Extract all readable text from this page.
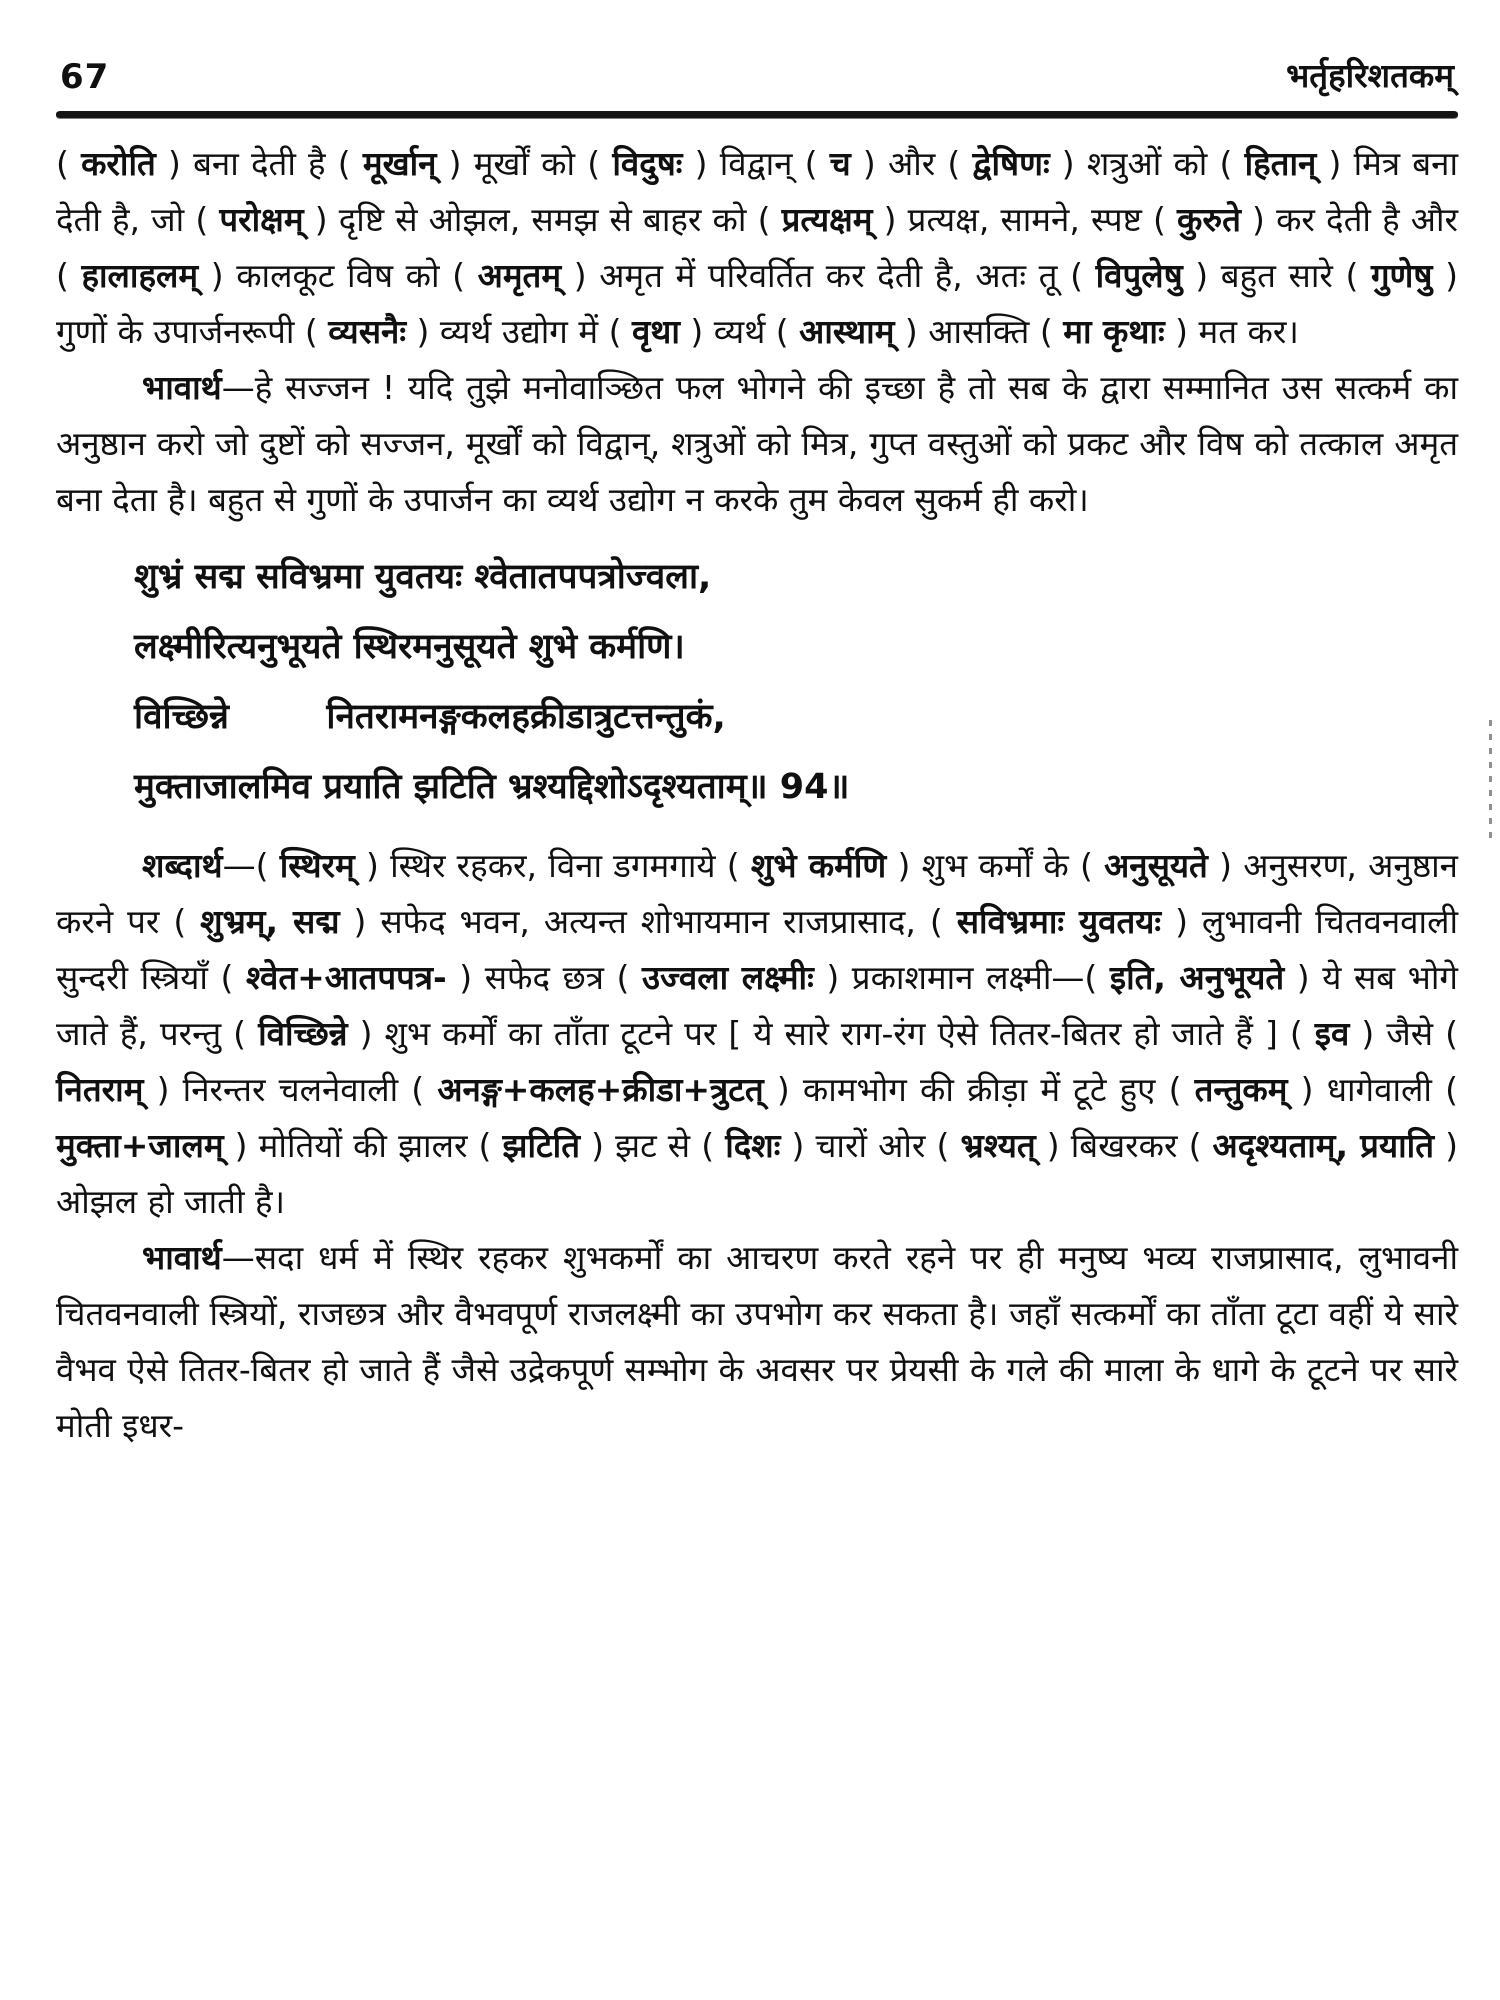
67	भर्तृहरिशतकम्

( करोति ) बना देती है ( मूर्खान् ) मूर्खों को ( विदुषः ) विद्वान् ( च ) और ( द्वेषिणः ) शत्रुओं को ( हितान् ) मित्र बना देती है, जो ( परोक्षम् ) दृष्टि से ओझल, समझ से बाहर को ( प्रत्यक्षम् ) प्रत्यक्ष, सामने, स्पष्ट ( कुरुते ) कर देती है और ( हालाहलम् ) कालकूट विष को ( अमृतम् ) अमृत में परिवर्तित कर देती है, अतः तू ( विपुलेषु ) बहुत सारे ( गुणेषु ) गुणों के उपार्जनरूपी ( व्यसनैः ) व्यर्थ उद्योग में ( वृथा ) व्यर्थ ( आस्थाम् ) आसक्ति ( मा कृथाः ) मत कर।

भावार्थ—हे सज्जन ! यदि तुझे मनोवाञ्छित फल भोगने की इच्छा है तो सब के द्वारा सम्मानित उस सत्कर्म का अनुष्ठान करो जो दुष्टों को सज्जन, मूर्खों को विद्वान्, शत्रुओं को मित्र, गुप्त वस्तुओं को प्रकट और विष को तत्काल अमृत बना देता है। बहुत से गुणों के उपार्जन का व्यर्थ उद्योग न करके तुम केवल सुकर्म ही करो।

शुभ्रं सद्म सविभ्रमा युवतयः श्वेतातपपत्रोज्वला,
लक्ष्मीरित्यनुभूयते स्थिरमनुसूयते शुभे कर्मणि।
विच्छिन्ने        नितरामनङ्गकलहक्रीडात्रुटत्तन्तुकं,
मुक्ताजालमिव प्रयाति झटिति भ्रश्यद्दिशोऽदृश्यताम्॥ 94॥

शब्दार्थ—( स्थिरम् ) स्थिर रहकर, विना डगमगाये ( शुभे कर्मणि ) शुभ कर्मों के ( अनुसूयते ) अनुसरण, अनुष्ठान करने पर ( शुभ्रम्, सद्म ) सफेद भवन, अत्यन्त शोभायमान राजप्रासाद, ( सविभ्रमाः युवतयः ) लुभावनी चितवनवाली सुन्दरी स्त्रियाँ ( श्वेत+आतपपत्र- ) सफेद छत्र ( उज्वला लक्ष्मीः ) प्रकाशमान लक्ष्मी—( इति, अनुभूयते ) ये सब भोगे जाते हैं, परन्तु ( विच्छिन्ने ) शुभ कर्मों का ताँता टूटने पर [ ये सारे राग-रंग ऐसे तितर-बितर हो जाते हैं ] ( इव ) जैसे ( नितराम् ) निरन्तर चलनेवाली ( अनङ्ग+कलह+क्रीडा+त्रुटत् ) कामभोग की क्रीड़ा में टूटे हुए ( तन्तुकम् ) धागेवाली ( मुक्ता+जालम् ) मोतियों की झालर ( झटिति ) झट से ( दिशः ) चारों ओर ( भ्रश्यत् ) बिखरकर ( अदृश्यताम्, प्रयाति ) ओझल हो जाती है।

भावार्थ—सदा धर्म में स्थिर रहकर शुभकर्मों का आचरण करते रहने पर ही मनुष्य भव्य राजप्रासाद, लुभावनी चितवनवाली स्त्रियों, राजछत्र और वैभवपूर्ण राजलक्ष्मी का उपभोग कर सकता है। जहाँ सत्कर्मों का ताँता टूटा वहीं ये सारे वैभव ऐसे तितर-बितर हो जाते हैं जैसे उद्रेकपूर्ण सम्भोग के अवसर पर प्रेयसी के गले की माला के धागे के टूटने पर सारे मोती इधर-
